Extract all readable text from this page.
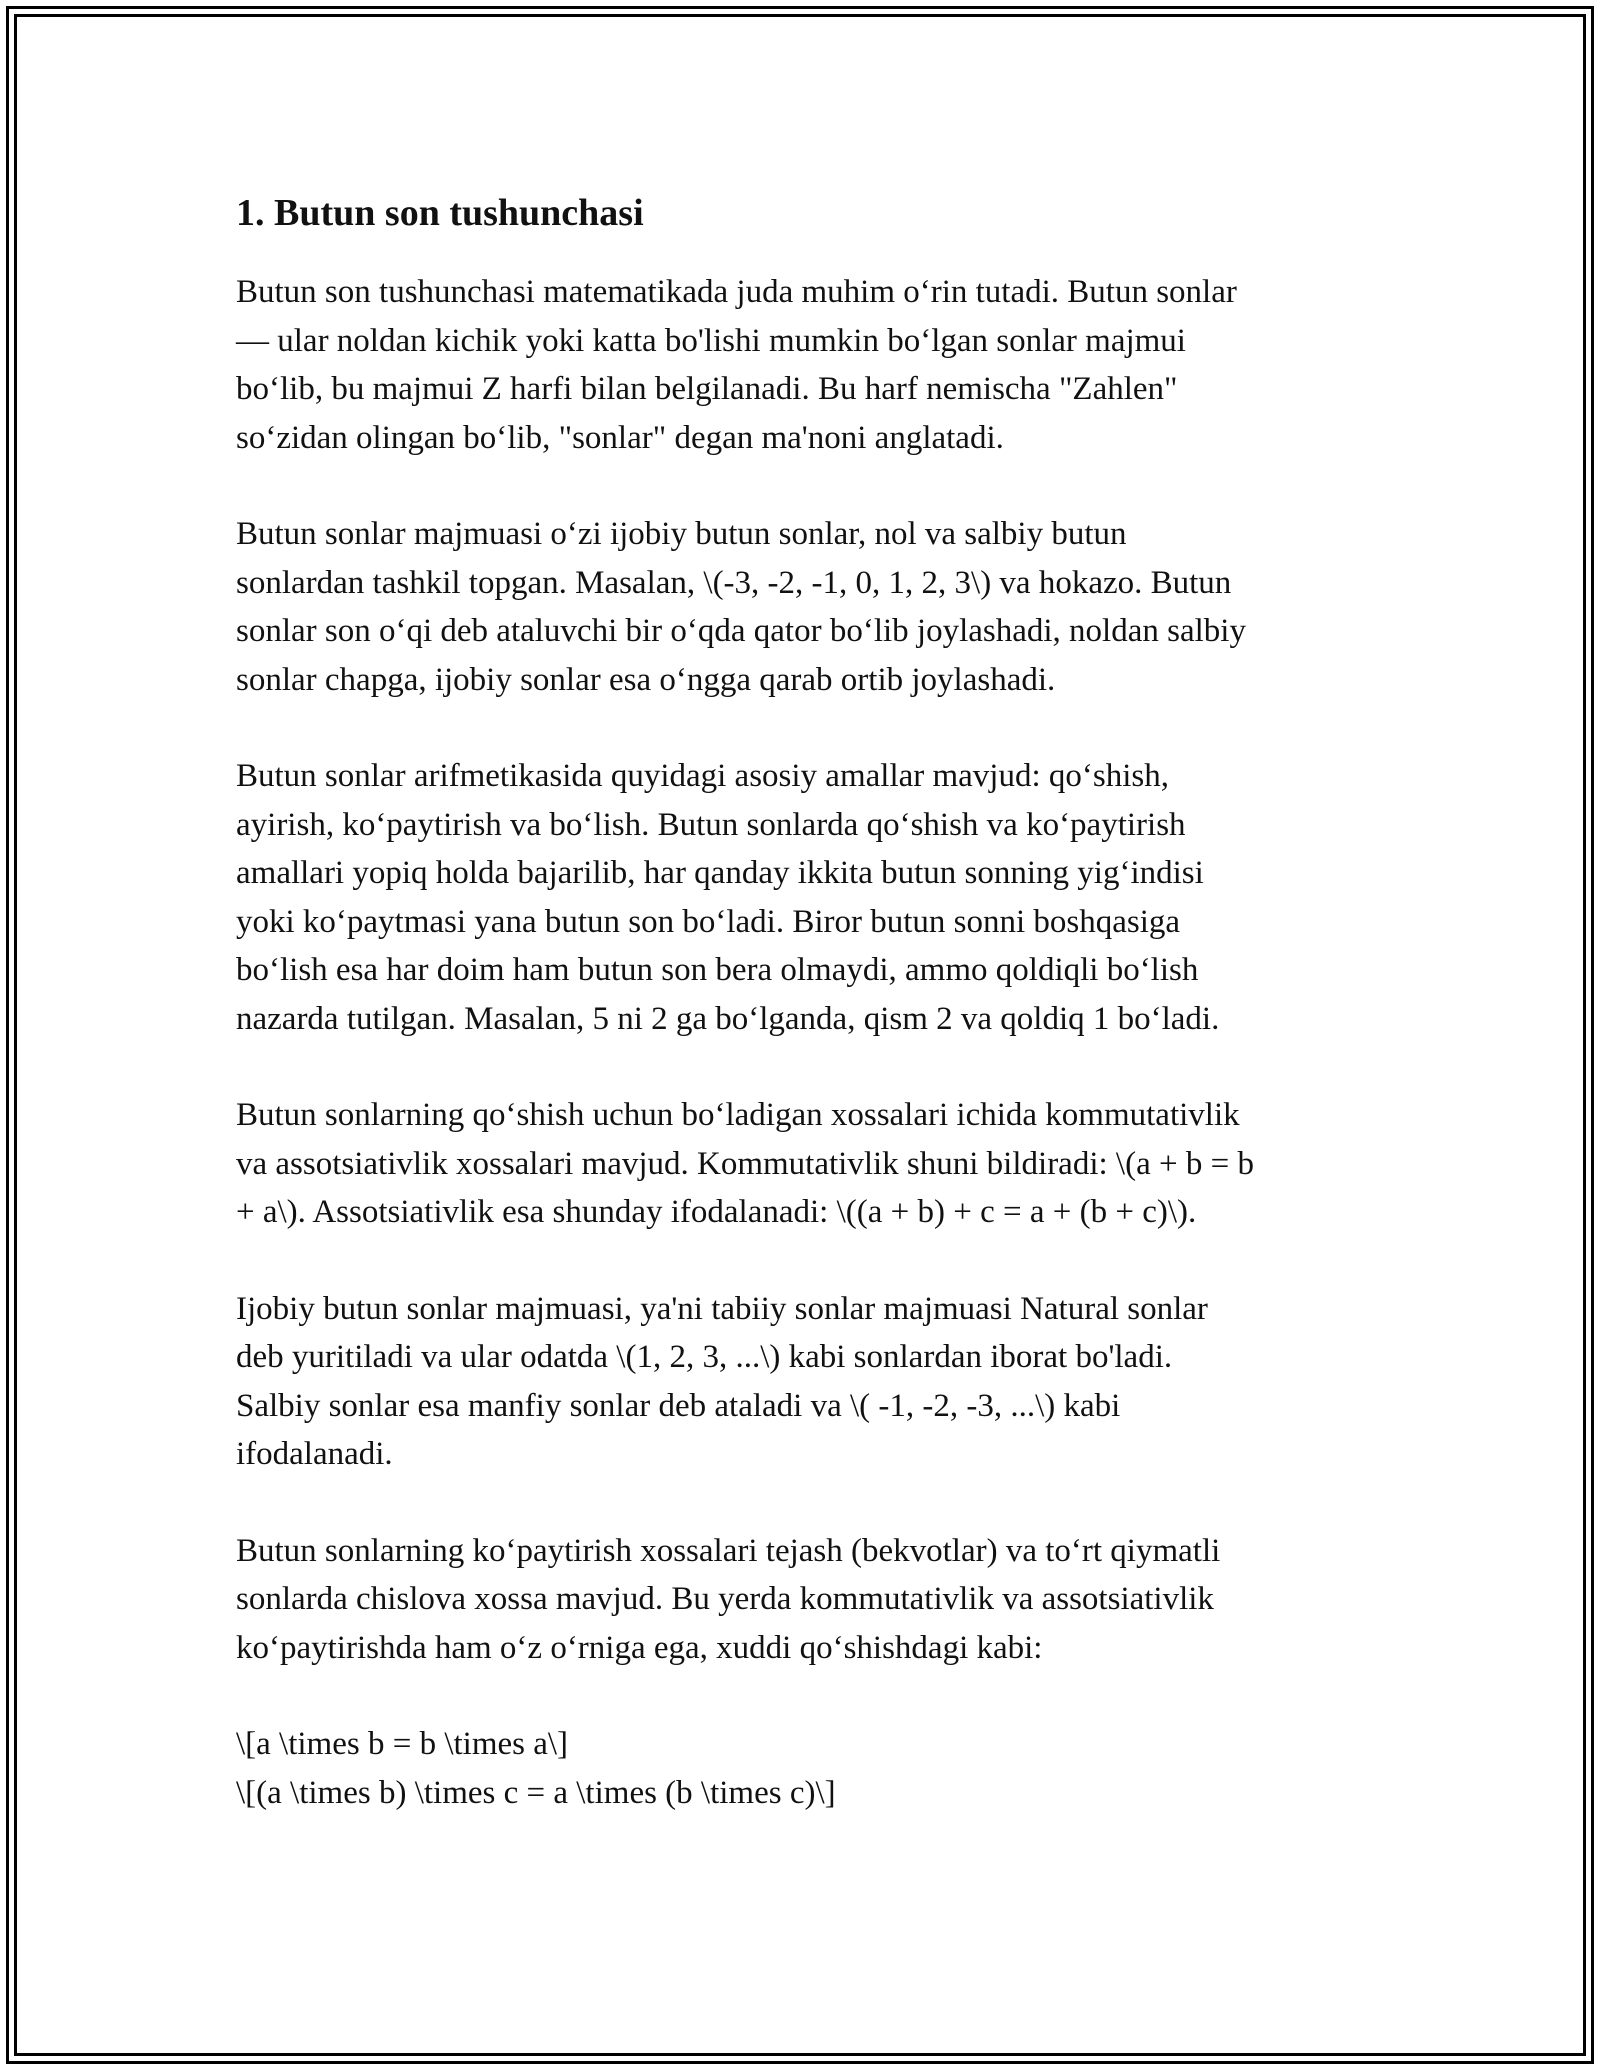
1. Butun son tushunchasi

Butun son tushunchasi matematikada juda muhim o‘rin tutadi. Butun sonlar
— ular noldan kichik yoki katta bo'lishi mumkin bo‘lgan sonlar majmui
bo‘lib, bu majmui Z harfi bilan belgilanadi. Bu harf nemischa "Zahlen"
so‘zidan olingan bo‘lib, "sonlar" degan ma'noni anglatadi.

Butun sonlar majmuasi o‘zi ijobiy butun sonlar, nol va salbiy butun
sonlardan tashkil topgan. Masalan, \(-3, -2, -1, 0, 1, 2, 3\) va hokazo. Butun
sonlar son o‘qi deb ataluvchi bir o‘qda qator bo‘lib joylashadi, noldan salbiy
sonlar chapga, ijobiy sonlar esa o‘ngga qarab ortib joylashadi.

Butun sonlar arifmetikasida quyidagi asosiy amallar mavjud: qo‘shish,
ayirish, ko‘paytirish va bo‘lish. Butun sonlarda qo‘shish va ko‘paytirish
amallari yopiq holda bajarilib, har qanday ikkita butun sonning yig‘indisi
yoki ko‘paytmasi yana butun son bo‘ladi. Biror butun sonni boshqasiga
bo‘lish esa har doim ham butun son bera olmaydi, ammo qoldiqli bo‘lish
nazarda tutilgan. Masalan, 5 ni 2 ga bo‘lganda, qism 2 va qoldiq 1 bo‘ladi.

Butun sonlarning qo‘shish uchun bo‘ladigan xossalari ichida kommutativlik
va assotsiativlik xossalari mavjud. Kommutativlik shuni bildiradi: \(a + b = b
+ a\). Assotsiativlik esa shunday ifodalanadi: \((a + b) + c = a + (b + c)\).

Ijobiy butun sonlar majmuasi, ya'ni tabiiy sonlar majmuasi Natural sonlar
deb yuritiladi va ular odatda \(1, 2, 3, ...\) kabi sonlardan iborat bo'ladi.
Salbiy sonlar esa manfiy sonlar deb ataladi va \( -1, -2, -3, ...\) kabi
ifodalanadi.

Butun sonlarning ko‘paytirish xossalari tejash (bekvotlar) va to‘rt qiymatli
sonlarda chislova xossa mavjud. Bu yerda kommutativlik va assotsiativlik
ko‘paytirishda ham o‘z o‘rniga ega, xuddi qo‘shishdagi kabi:

\[a \times b = b \times a\]

\[(a \times b) \times c = a \times (b \times c)\]
